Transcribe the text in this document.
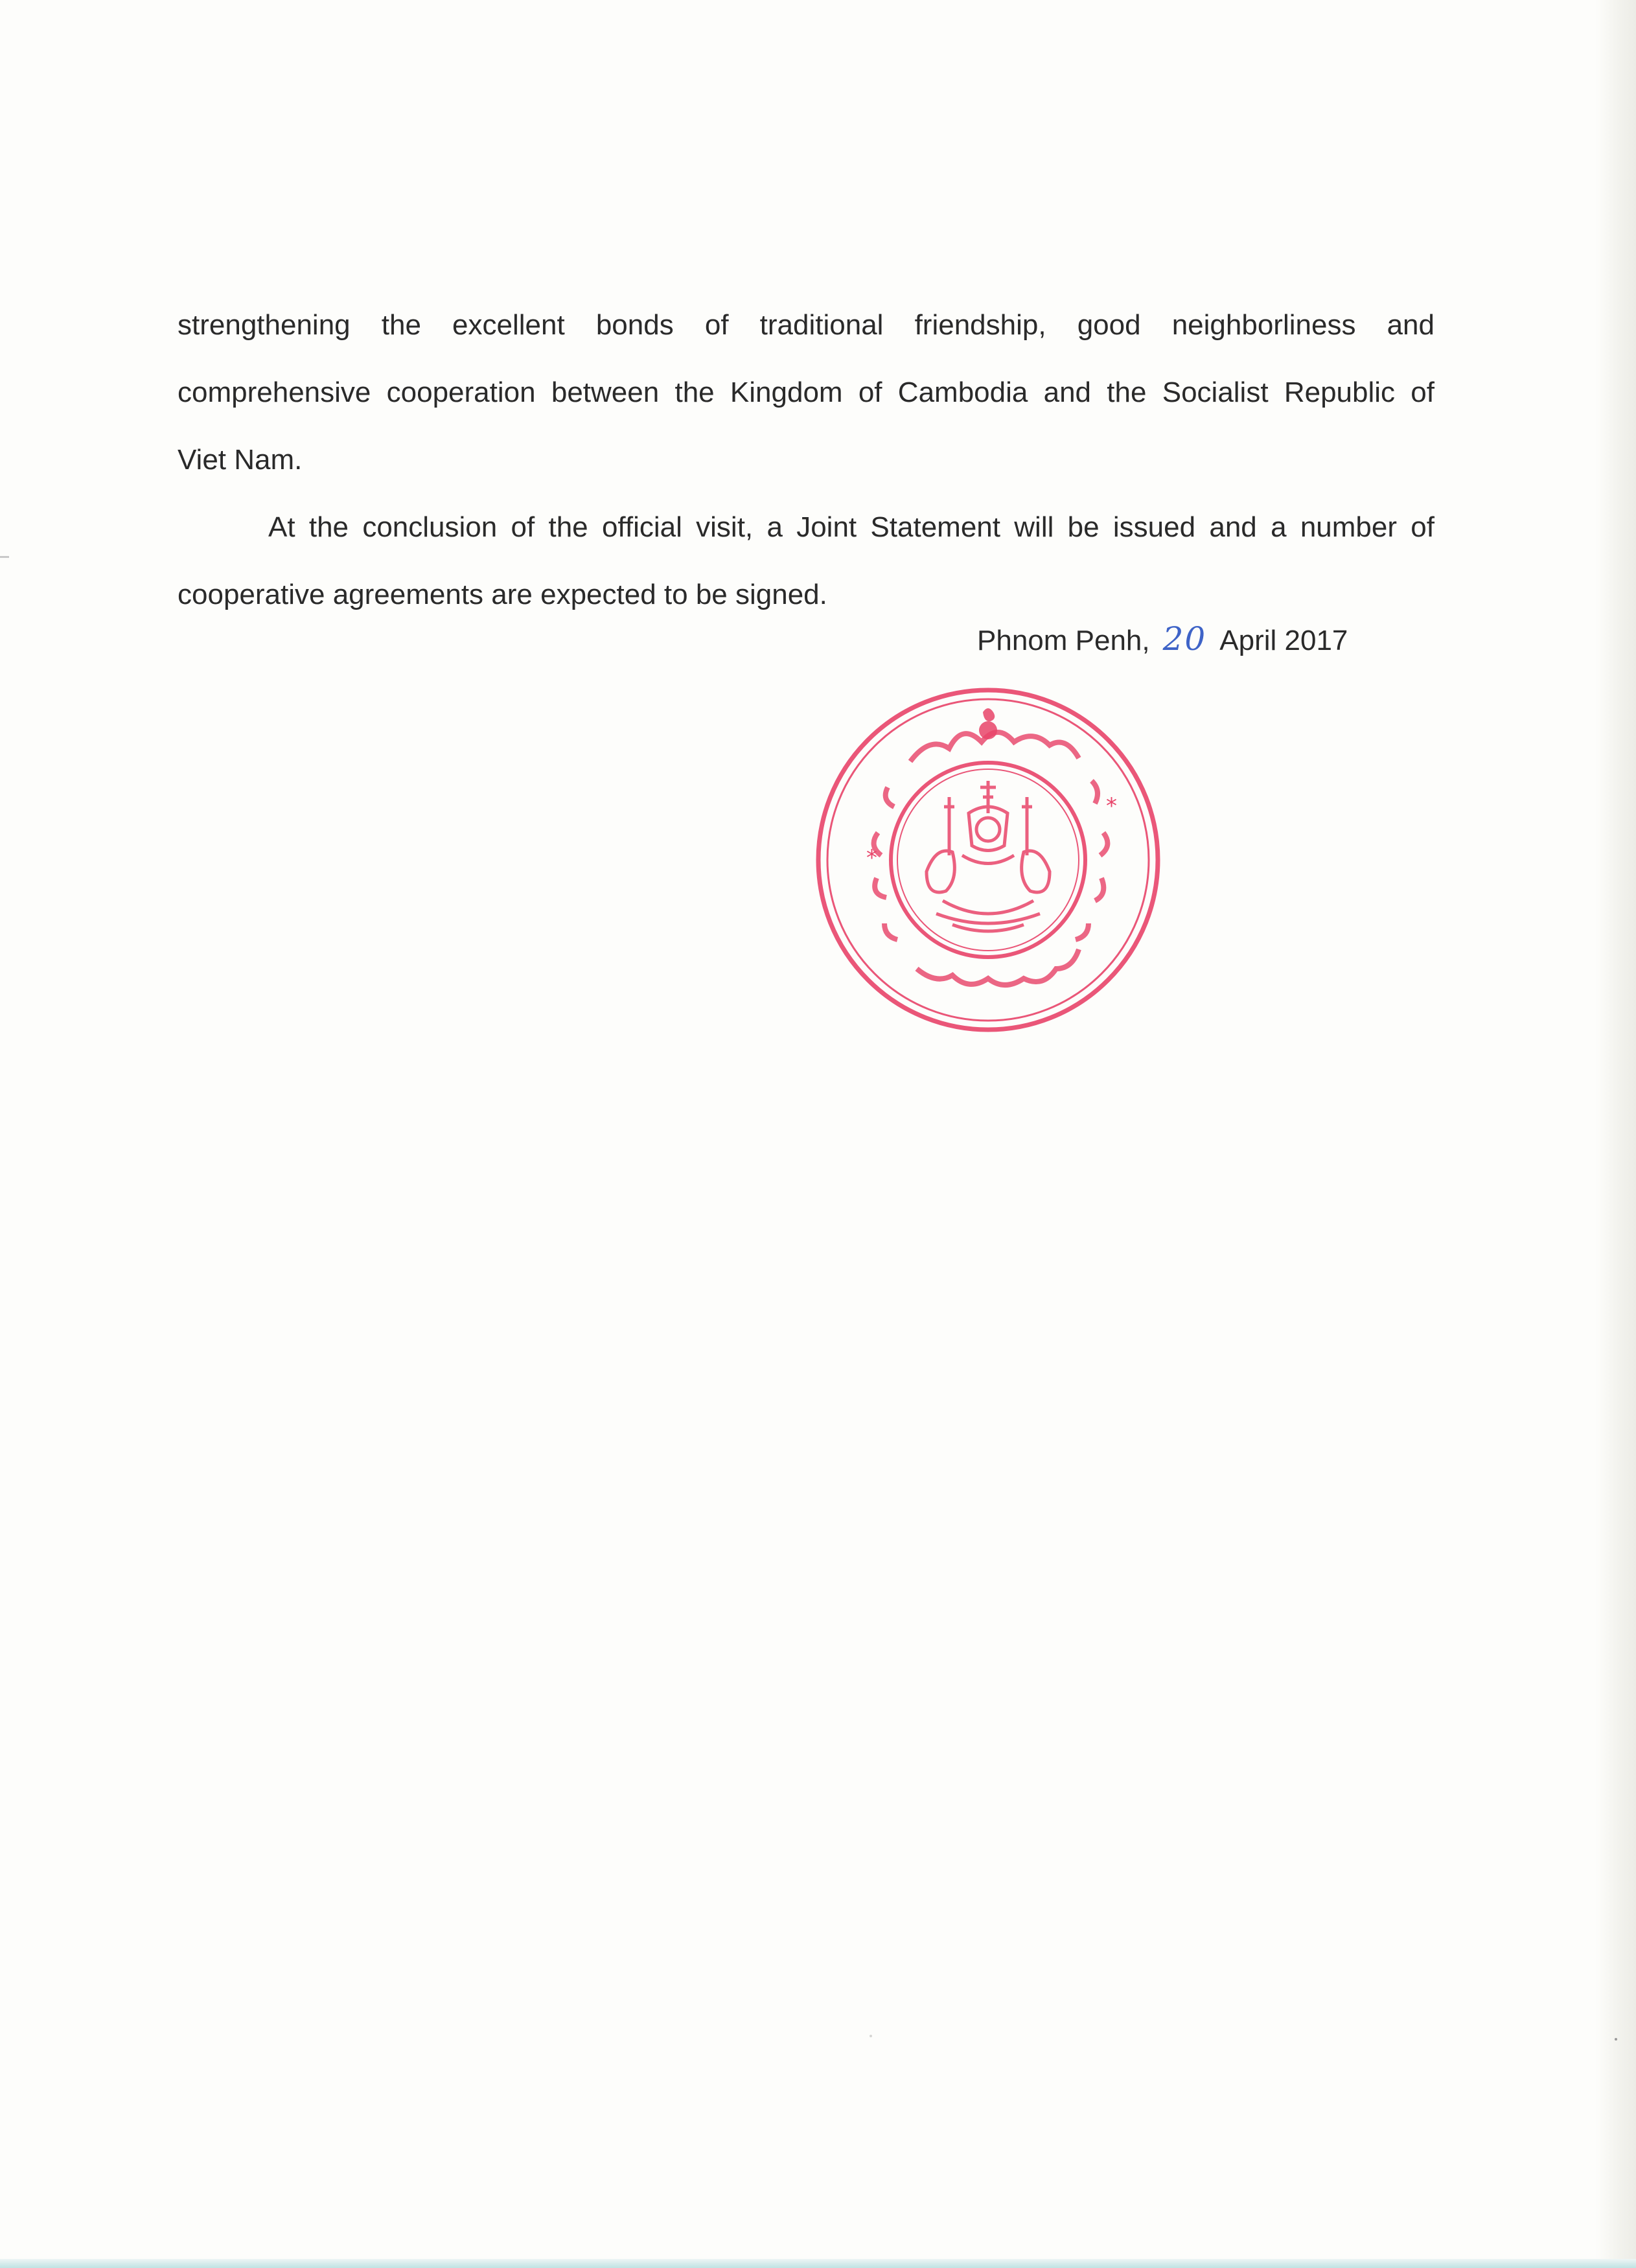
strengthening the excellent bonds of traditional friendship, good neighborliness and
comprehensive cooperation between the Kingdom of Cambodia and the Socialist Republic of
Viet Nam.
At the conclusion of the official visit, a Joint Statement will be issued and a number of
cooperative agreements are expected to be signed.
Phnom Penh, 20 April 2017
*
*
